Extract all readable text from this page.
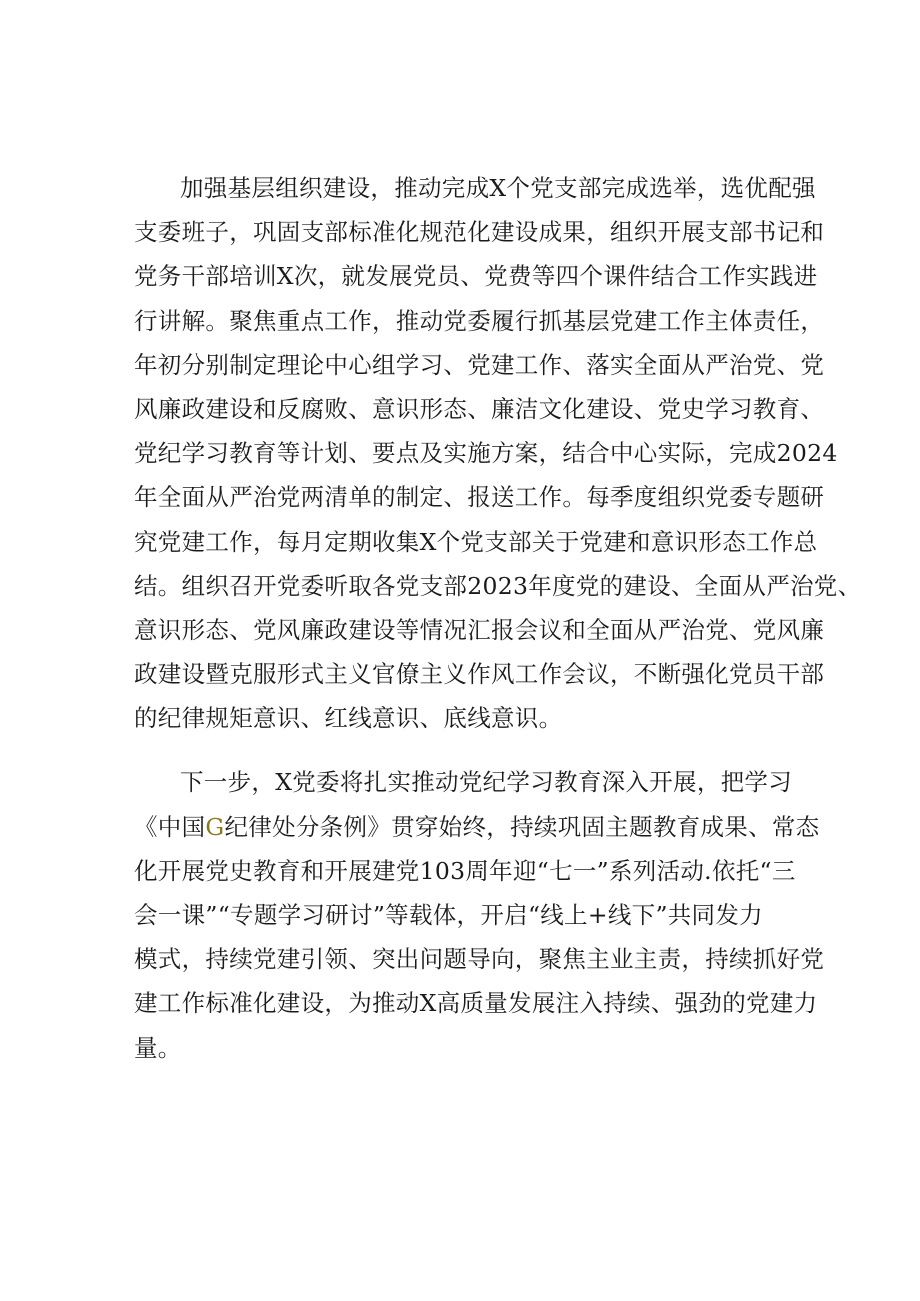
加强基层组织建设，推动完成X个党支部完成选举，选优配强
支委班子，巩固支部标准化规范化建设成果，组织开展支部书记和
党务干部培训X次，就发展党员、党费等四个课件结合工作实践进
行讲解。聚焦重点工作，推动党委履行抓基层党建工作主体责任，
年初分别制定理论中心组学习、党建工作、落实全面从严治党、党
风廉政建设和反腐败、意识形态、廉洁文化建设、党史学习教育、
党纪学习教育等计划、要点及实施方案，结合中心实际，完成2024
年全面从严治党两清单的制定、报送工作。每季度组织党委专题研
究党建工作，每月定期收集X个党支部关于党建和意识形态工作总
结。组织召开党委听取各党支部2023年度党的建设、全面从严治党、
意识形态、党风廉政建设等情况汇报会议和全面从严治党、党风廉
政建设暨克服形式主义官僚主义作风工作会议，不断强化党员干部
的纪律规矩意识、红线意识、底线意识。
下一步，X党委将扎实推动党纪学习教育深入开展，把学习
《中国G纪律处分条例》贯穿始终，持续巩固主题教育成果、常态
化开展党史教育和开展建党103周年迎“七一”系列活动.依托“三
会一课”“专题学习研讨”等载体，开启“线上+线下”共同发力
模式，持续党建引领、突出问题导向，聚焦主业主责，持续抓好党
建工作标准化建设，为推动X高质量发展注入持续、强劲的党建力
量。
